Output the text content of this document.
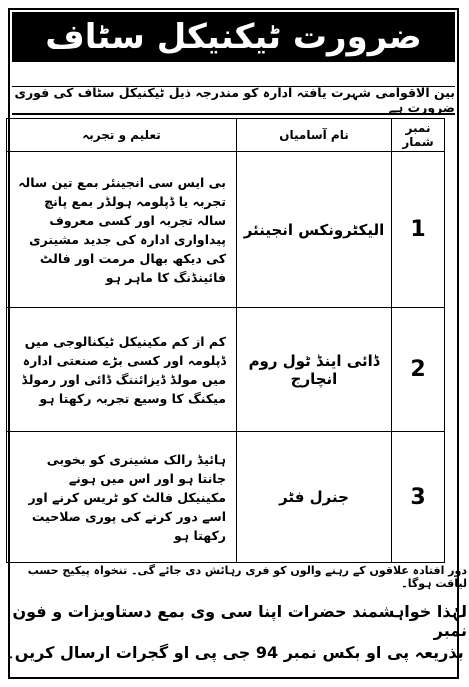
ضرورت ٹیکنیکل سٹاف
بین الاقوامی شہرت یافتہ ادارہ کو مندرجہ ذیل ٹیکنیکل سٹاف کی فوری ضرورت ہے
نمبر شمار	نام آسامیاں	تعلیم و تجربہ
1	الیکٹرونکس انجینئر	بی ایس سی انجینئر بمع تین سالہ تجربہ یا ڈپلومہ ہولڈر بمع پانچ سالہ تجربہ اور کسی معروف پیداواری ادارہ کی جدید مشینری کی دیکھ بھال مرمت اور فالٹ فائینڈنگ کا ماہر ہو
2	ڈائی اینڈ ٹول روم انچارج	کم از کم مکینیکل ٹیکنالوجی میں ڈپلومہ اور کسی بڑے صنعتی ادارہ میں مولڈ ڈیزائننگ ڈائی اور رمولڈ میکنگ کا وسیع تجربہ رکھتا ہو
3	جنرل فٹر	ہائیڈ رالک مشینری کو بخوبی جانتا ہو اور اس میں ہونے مکینیکل فالٹ کو ٹریس کرنے اور اسے دور کرنے کی پوری صلاحیت رکھتا ہو
دور افتادہ علاقوں کے رہنے والوں کو فری رہائش دی جائے گی۔ تنخواہ پیکیج حسب لیاقت ہوگا۔
لہٰذا خواہشمند حضرات اپنا سی وی بمع دستاویزات و فون نمبر
بذریعہ پی او بکس نمبر 94 جی پی او گجرات ارسال کریں۔
